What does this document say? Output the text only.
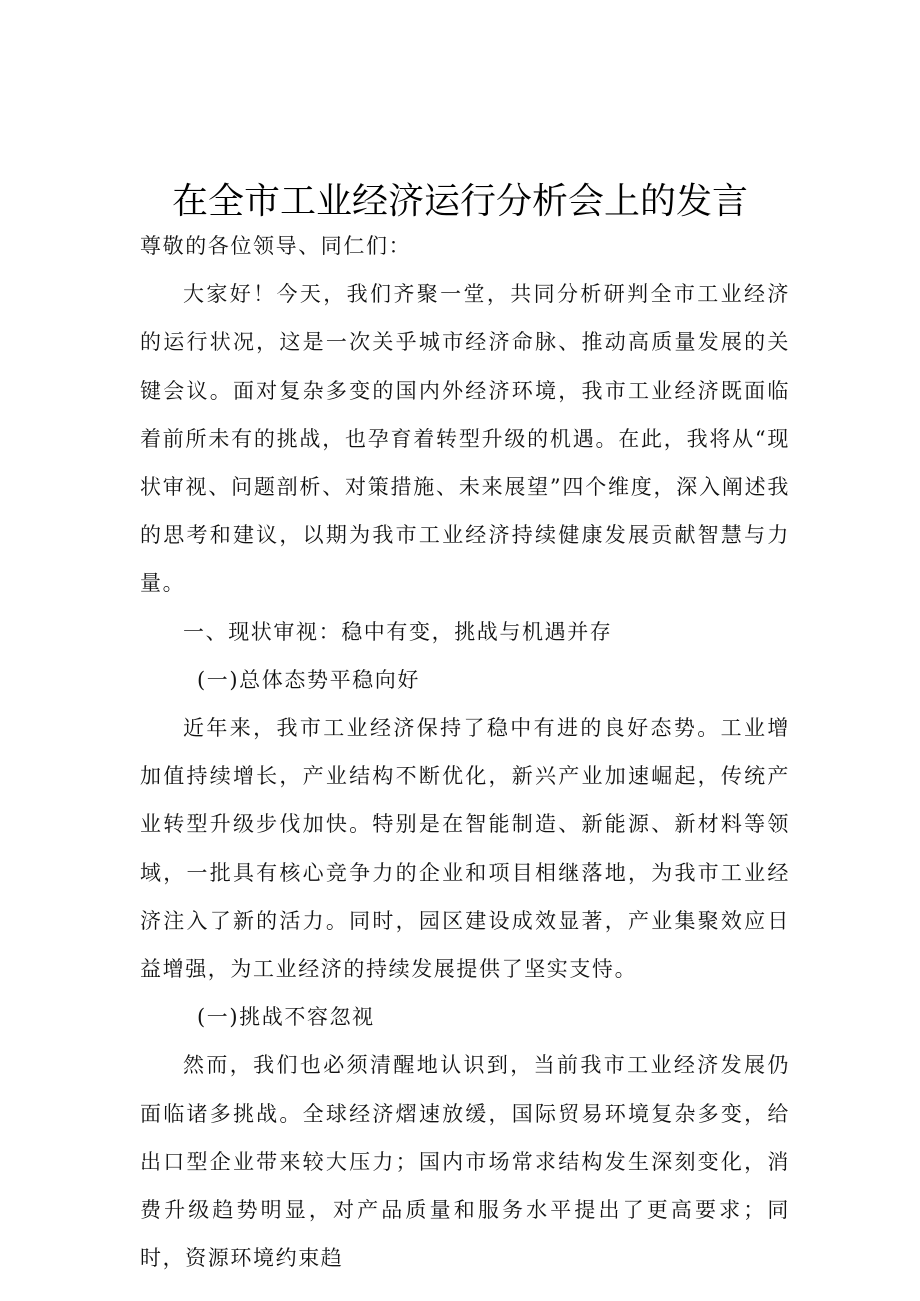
在全市工业经济运行分析会上的发言

尊敬的各位领导、同仁们：

大家好！今天，我们齐聚一堂，共同分析研判全市工业经济的运行状况，这是一次关乎城市经济命脉、推动高质量发展的关键会议。面对复杂多变的国内外经济环境，我市工业经济既面临着前所未有的挑战，也孕育着转型升级的机遇。在此，我将从“现状审视、问题剖析、对策措施、未来展望”四个维度，深入阐述我的思考和建议，以期为我市工业经济持续健康发展贡献智慧与力量。

一、现状审视：稳中有变，挑战与机遇并存

(一)总体态势平稳向好

近年来，我市工业经济保持了稳中有进的良好态势。工业增加值持续增长，产业结构不断优化，新兴产业加速崛起，传统产业转型升级步伐加快。特别是在智能制造、新能源、新材料等领域，一批具有核心竞争力的企业和项目相继落地，为我市工业经济注入了新的活力。同时，园区建设成效显著，产业集聚效应日益增强，为工业经济的持续发展提供了坚实支恃。

(一)挑战不容忽视

然而，我们也必须清醒地认识到，当前我市工业经济发展仍面临诸多挑战。全球经济熠速放缓，国际贸易环境复杂多变，给出口型企业带来较大压力；国内市场常求结构发生深刻变化，消费升级趋势明显，对产品质量和服务水平提出了更高要求；同时，资源环境约束趋
